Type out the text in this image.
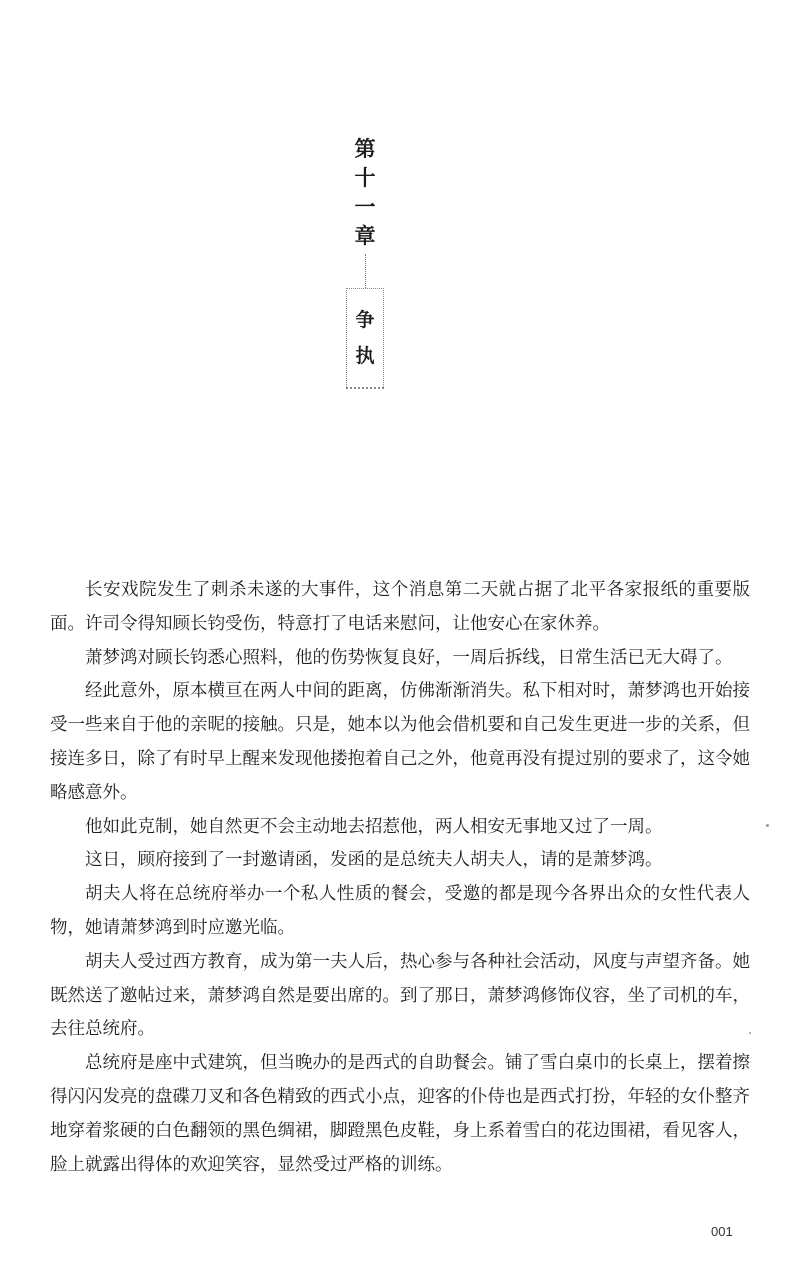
第
十
一
章
争
执

长安戏院发生了刺杀未遂的大事件，这个消息第二天就占据了北平各家报纸的重要版面。许司令得知顾长钧受伤，特意打了电话来慰问，让他安心在家休养。

萧梦鸿对顾长钧悉心照料，他的伤势恢复良好，一周后拆线，日常生活已无大碍了。

经此意外，原本横亘在两人中间的距离，仿佛渐渐消失。私下相对时，萧梦鸿也开始接受一些来自于他的亲昵的接触。只是，她本以为他会借机要和自己发生更进一步的关系，但接连多日，除了有时早上醒来发现他搂抱着自己之外，他竟再没有提过别的要求了，这令她略感意外。

他如此克制，她自然更不会主动地去招惹他，两人相安无事地又过了一周。

这日，顾府接到了一封邀请函，发函的是总统夫人胡夫人，请的是萧梦鸿。

胡夫人将在总统府举办一个私人性质的餐会，受邀的都是现今各界出众的女性代表人物，她请萧梦鸿到时应邀光临。

胡夫人受过西方教育，成为第一夫人后，热心参与各种社会活动，风度与声望齐备。她既然送了邀帖过来，萧梦鸿自然是要出席的。到了那日，萧梦鸿修饰仪容，坐了司机的车，去往总统府。

总统府是座中式建筑，但当晚办的是西式的自助餐会。铺了雪白桌巾的长桌上，摆着擦得闪闪发亮的盘碟刀叉和各色精致的西式小点，迎客的仆侍也是西式打扮，年轻的女仆整齐地穿着浆硬的白色翻领的黑色绸裙，脚蹬黑色皮鞋，身上系着雪白的花边围裙，看见客人，脸上就露出得体的欢迎笑容，显然受过严格的训练。

001
